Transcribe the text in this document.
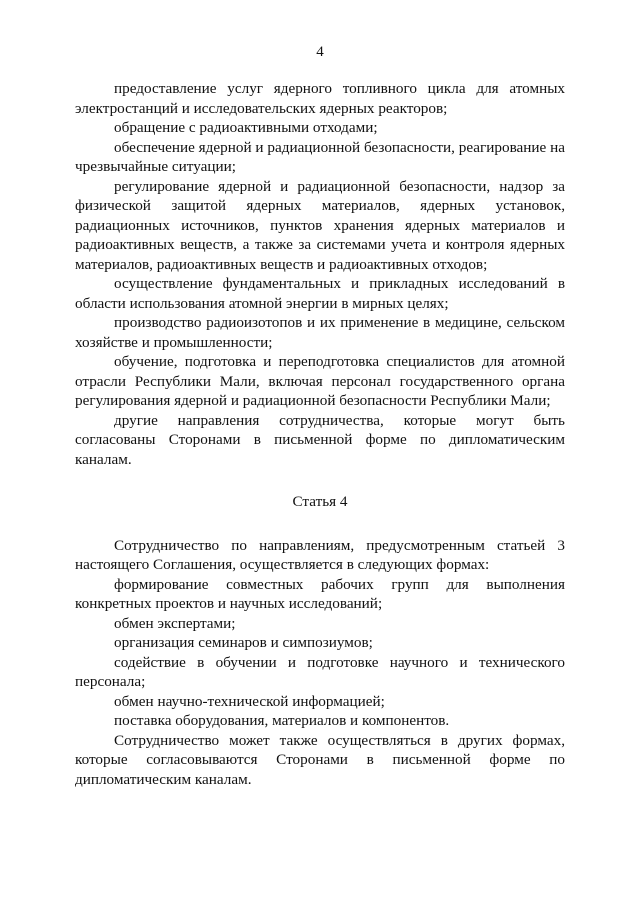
4

предоставление услуг ядерного топливного цикла для атомных электростанций и исследовательских ядерных реакторов;

обращение с радиоактивными отходами;

обеспечение ядерной и радиационной безопасности, реагирование на чрезвычайные ситуации;

регулирование ядерной и радиационной безопасности, надзор за физической защитой ядерных материалов, ядерных установок, радиационных источников, пунктов хранения ядерных материалов и радиоактивных веществ, а также за системами учета и контроля ядерных материалов, радиоактивных веществ и радиоактивных отходов;

осуществление фундаментальных и прикладных исследований в области использования атомной энергии в мирных целях;

производство радиоизотопов и их применение в медицине, сельском хозяйстве и промышленности;

обучение, подготовка и переподготовка специалистов для атомной отрасли Республики Мали, включая персонал государственного органа регулирования ядерной и радиационной безопасности Республики Мали;

другие направления сотрудничества, которые могут быть согласованы Сторонами в письменной форме по дипломатическим каналам.

Статья 4

Сотрудничество по направлениям, предусмотренным статьей 3 настоящего Соглашения, осуществляется в следующих формах:

формирование совместных рабочих групп для выполнения конкретных проектов и научных исследований;

обмен экспертами;

организация семинаров и симпозиумов;

содействие в обучении и подготовке научного и технического персонала;

обмен научно-технической информацией;

поставка оборудования, материалов и компонентов.

Сотрудничество может также осуществляться в других формах, которые согласовываются Сторонами в письменной форме по дипломатическим каналам.
